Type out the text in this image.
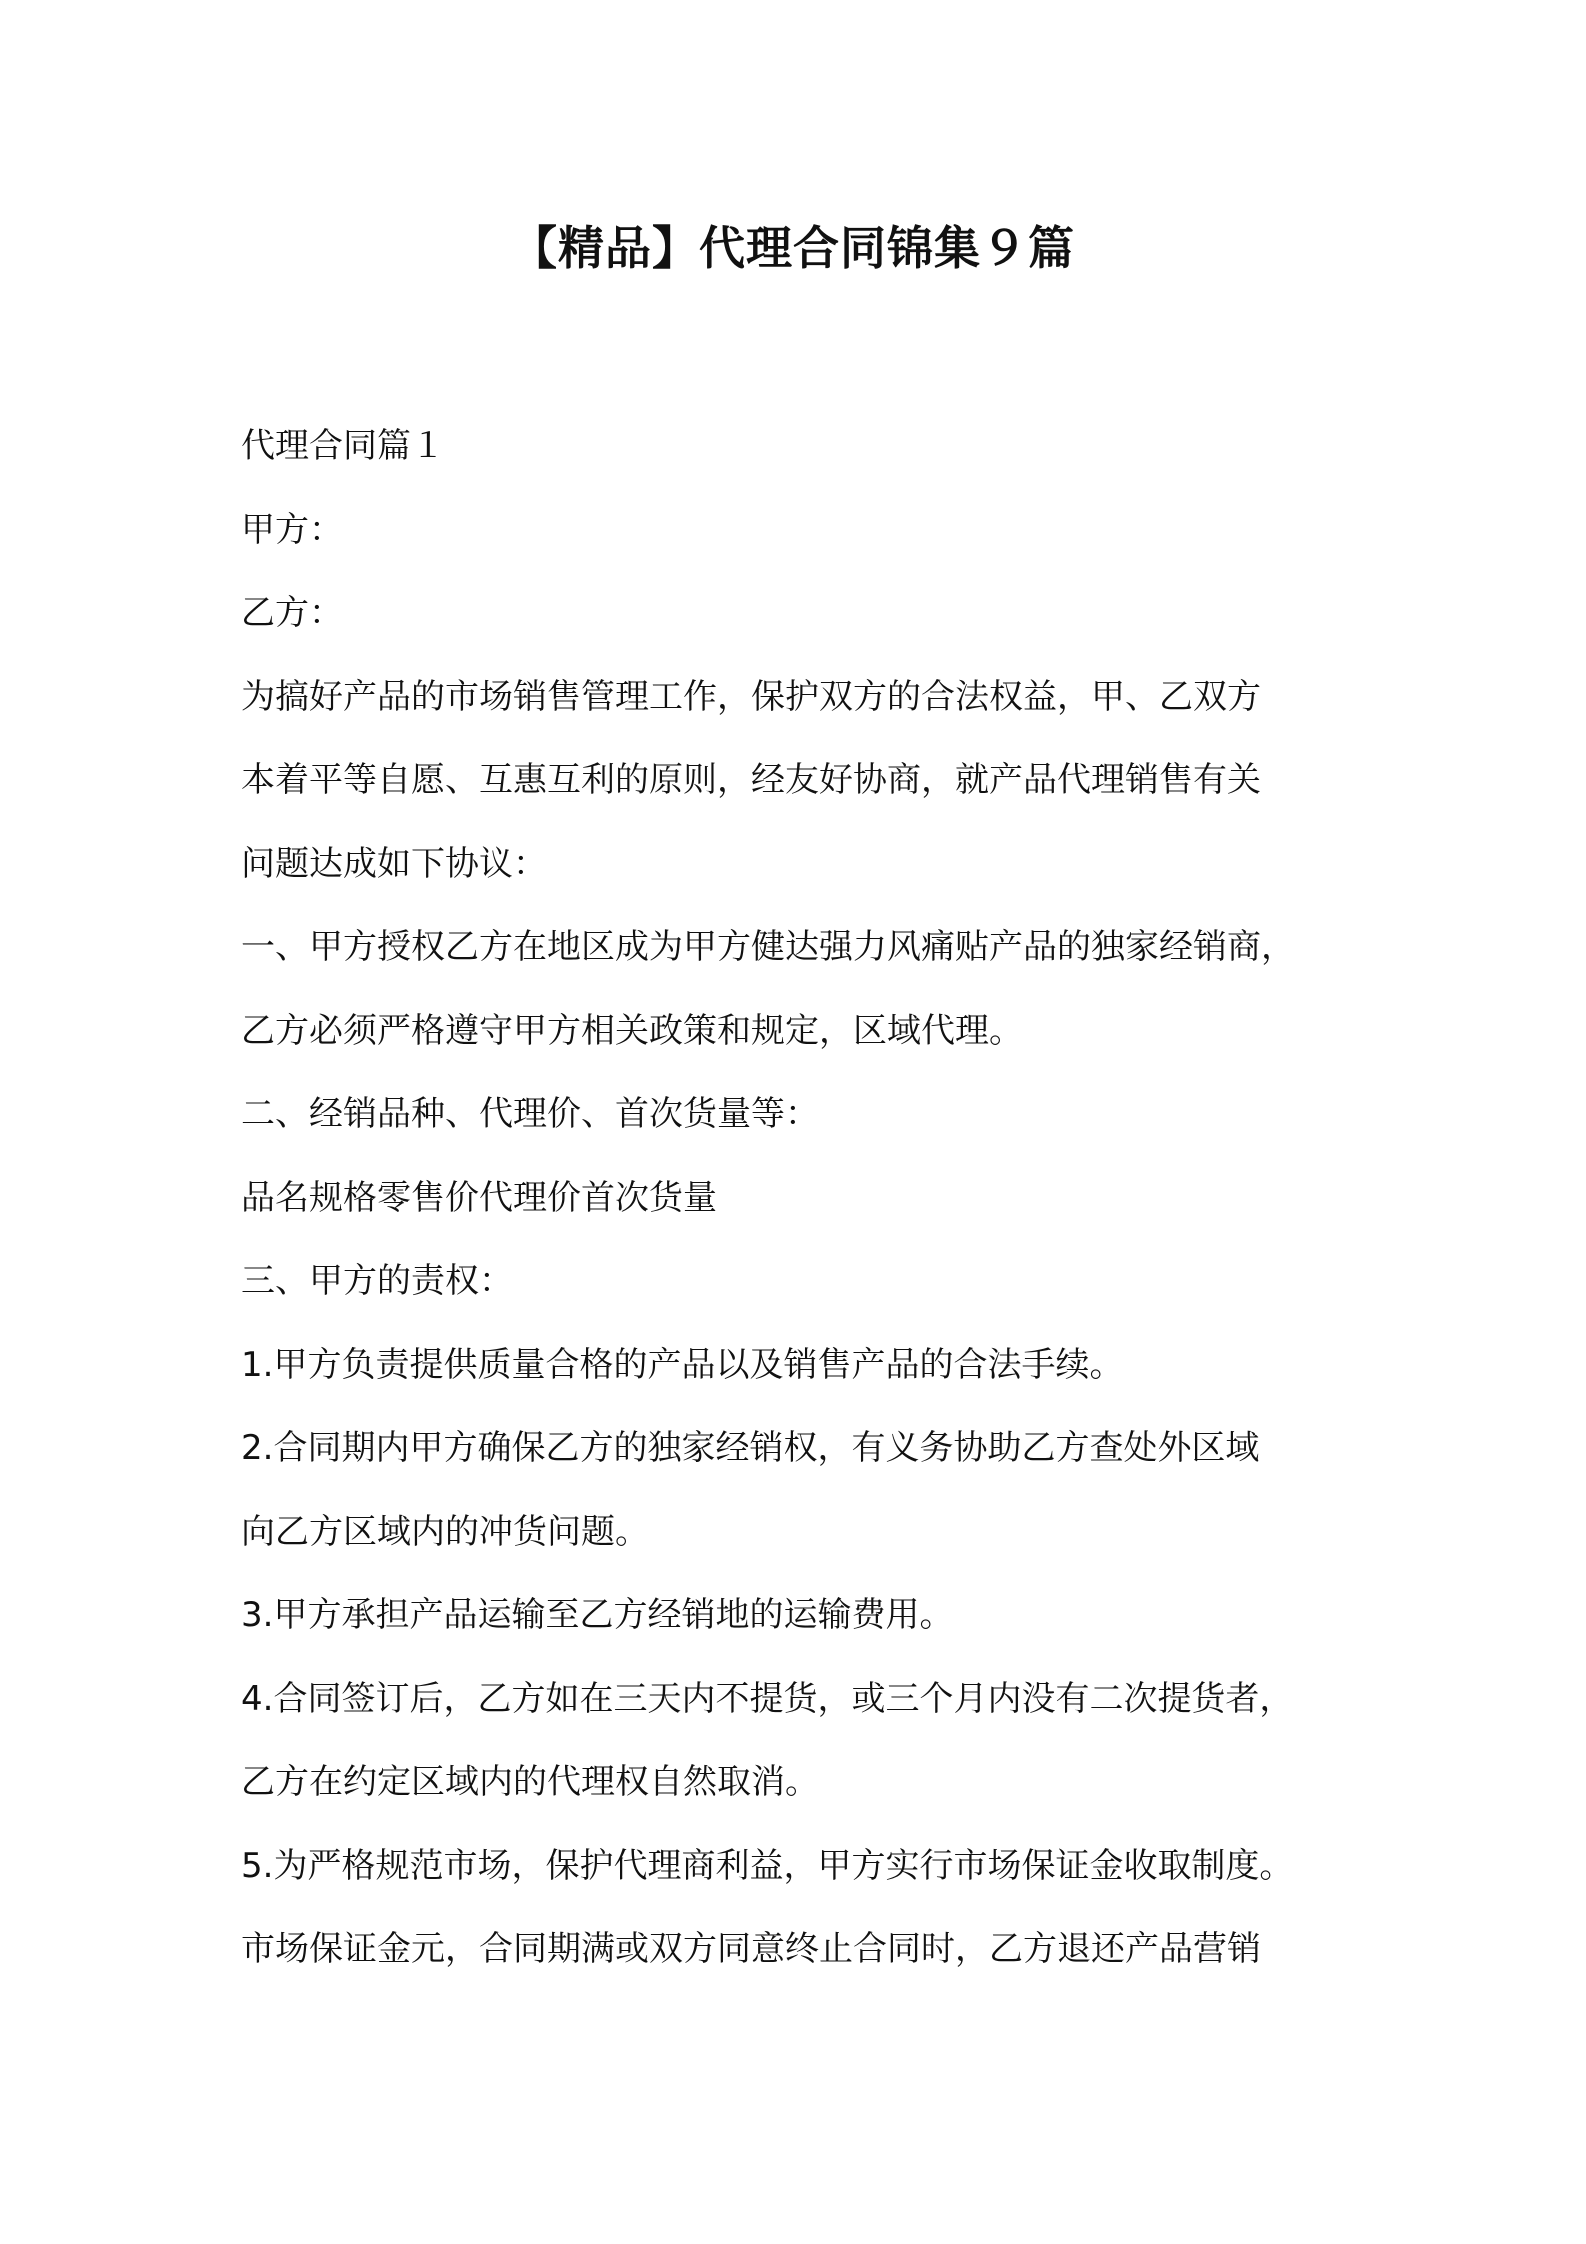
【精品】代理合同锦集９篇
代理合同篇１
甲方：
乙方：
为搞好产品的市场销售管理工作，保护双方的合法权益，甲、乙双方
本着平等自愿、互惠互利的原则，经友好协商，就产品代理销售有关
问题达成如下协议：
一、甲方授权乙方在地区成为甲方健达强力风痛贴产品的独家经销商，
乙方必须严格遵守甲方相关政策和规定，区域代理。
二、经销品种、代理价、首次货量等：
品名规格零售价代理价首次货量
三、甲方的责权：
1.甲方负责提供质量合格的产品以及销售产品的合法手续。
2.合同期内甲方确保乙方的独家经销权，有义务协助乙方查处外区域
向乙方区域内的冲货问题。
3.甲方承担产品运输至乙方经销地的运输费用。
4.合同签订后，乙方如在三天内不提货，或三个月内没有二次提货者，
乙方在约定区域内的代理权自然取消。
5.为严格规范市场，保护代理商利益，甲方实行市场保证金收取制度。
市场保证金元，合同期满或双方同意终止合同时，乙方退还产品营销
